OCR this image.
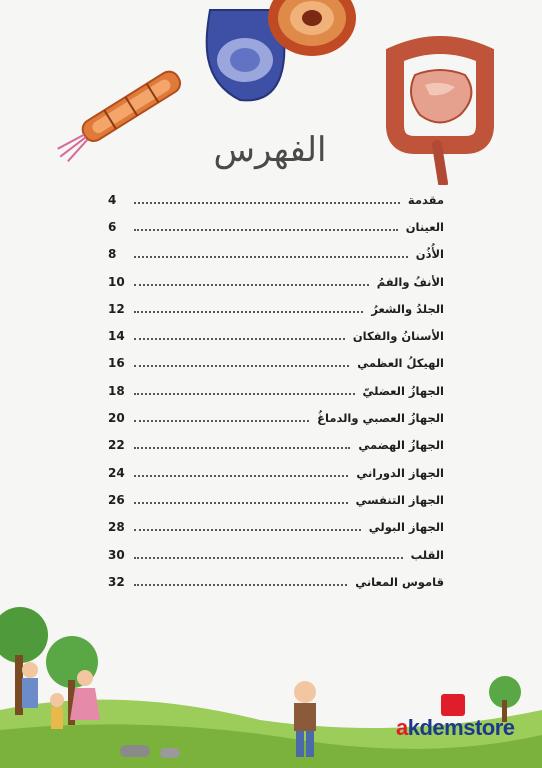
الفهرس
مقدمة
4
العينان
6
الأُذُن
8
الأنفُ والفمُ
10
الجلدُ والشعرُ
12
الأسنانُ والفكان
14
الهيكلُ العظمي
16
الجهازُ العضليّ
18
الجهازُ العصبي والدماغُ
20
الجهازُ الهضمي
22
الجهاز الدوراني
24
الجهاز التنفسي
26
الجهاز البولي
28
القلب
30
قاموس المعاني
32
akdemstore
